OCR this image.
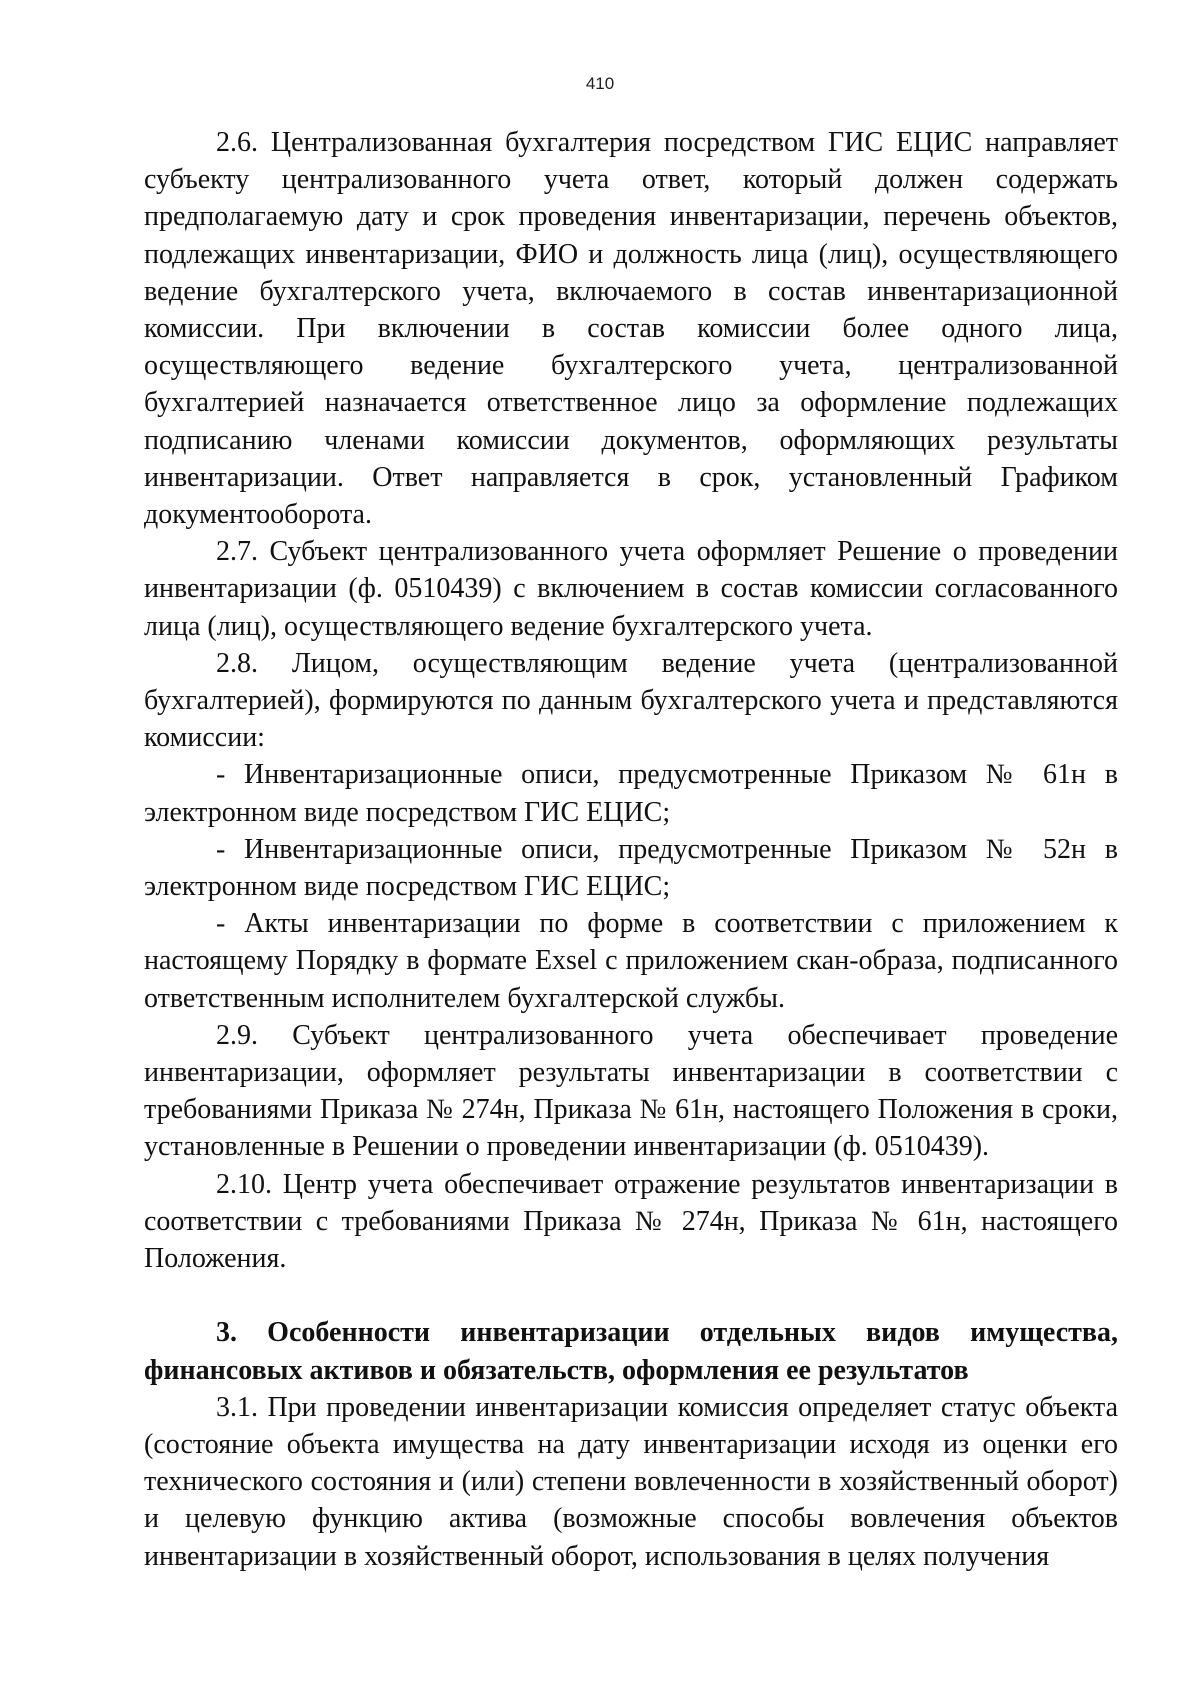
410

2.6. Централизованная бухгалтерия посредством ГИС ЕЦИС направляет субъекту централизованного учета ответ, который должен содержать предполагаемую дату и срок проведения инвентаризации, перечень объектов, подлежащих инвентаризации, ФИО и должность лица (лиц), осуществляющего ведение бухгалтерского учета, включаемого в состав инвентаризационной комиссии. При включении в состав комиссии более одного лица, осуществляющего ведение бухгалтерского учета, централизованной бухгалтерией назначается ответственное лицо за оформление подлежащих подписанию членами комиссии документов, оформляющих результаты инвентаризации. Ответ направляется в срок, установленный Графиком документооборота.

2.7. Субъект централизованного учета оформляет Решение о проведении инвентаризации (ф. 0510439) с включением в состав комиссии согласованного лица (лиц), осуществляющего ведение бухгалтерского учета.

2.8. Лицом, осуществляющим ведение учета (централизованной бухгалтерией), формируются по данным бухгалтерского учета и представляются комиссии:

- Инвентаризационные описи, предусмотренные Приказом № 61н в электронном виде посредством ГИС ЕЦИС;

- Инвентаризационные описи, предусмотренные Приказом № 52н в электронном виде посредством ГИС ЕЦИС;

- Акты инвентаризации по форме в соответствии с приложением к настоящему Порядку в формате Exsel с приложением скан-образа, подписанного ответственным исполнителем бухгалтерской службы.

2.9. Субъект централизованного учета обеспечивает проведение инвентаризации, оформляет результаты инвентаризации в соответствии с требованиями Приказа № 274н, Приказа № 61н, настоящего Положения в сроки, установленные в Решении о проведении инвентаризации (ф. 0510439).

2.10. Центр учета обеспечивает отражение результатов инвентаризации в соответствии с требованиями Приказа № 274н, Приказа № 61н, настоящего Положения.

3. Особенности инвентаризации отдельных видов имущества, финансовых активов и обязательств, оформления ее результатов

3.1. При проведении инвентаризации комиссия определяет статус объекта (состояние объекта имущества на дату инвентаризации исходя из оценки его технического состояния и (или) степени вовлеченности в хозяйственный оборот) и целевую функцию актива (возможные способы вовлечения объектов инвентаризации в хозяйственный оборот, использования в целях получения
